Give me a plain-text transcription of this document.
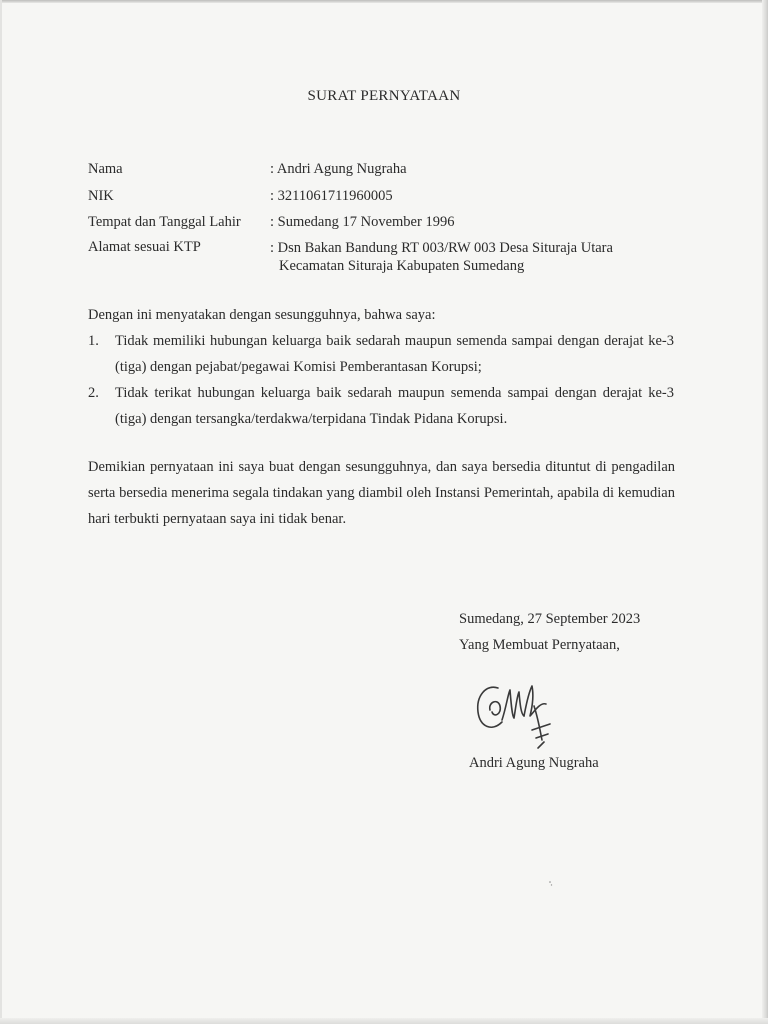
SURAT PERNYATAAN
Nama	: Andri Agung Nugraha
NIK	: 3211061711960005
Tempat dan Tanggal Lahir : Sumedang 17 November 1996
Alamat sesuai KTP	: Dsn Bakan Bandung RT 003/RW 003 Desa Situraja Utara
Kecamatan Situraja Kabupaten Sumedang
Dengan ini menyatakan dengan sesungguhnya, bahwa saya:
1. Tidak memiliki hubungan keluarga baik sedarah maupun semenda sampai dengan derajat ke-3 (tiga) dengan pejabat/pegawai Komisi Pemberantasan Korupsi;
2. Tidak terikat hubungan keluarga baik sedarah maupun semenda sampai dengan derajat ke-3 (tiga) dengan tersangka/terdakwa/terpidana Tindak Pidana Korupsi.
Demikian pernyataan ini saya buat dengan sesungguhnya, dan saya bersedia dituntut di pengadilan serta bersedia menerima segala tindakan yang diambil oleh Instansi Pemerintah, apabila di kemudian hari terbukti pernyataan saya ini tidak benar.
Sumedang, 27 September 2023
Yang Membuat Pernyataan,
Andri Agung Nugraha
